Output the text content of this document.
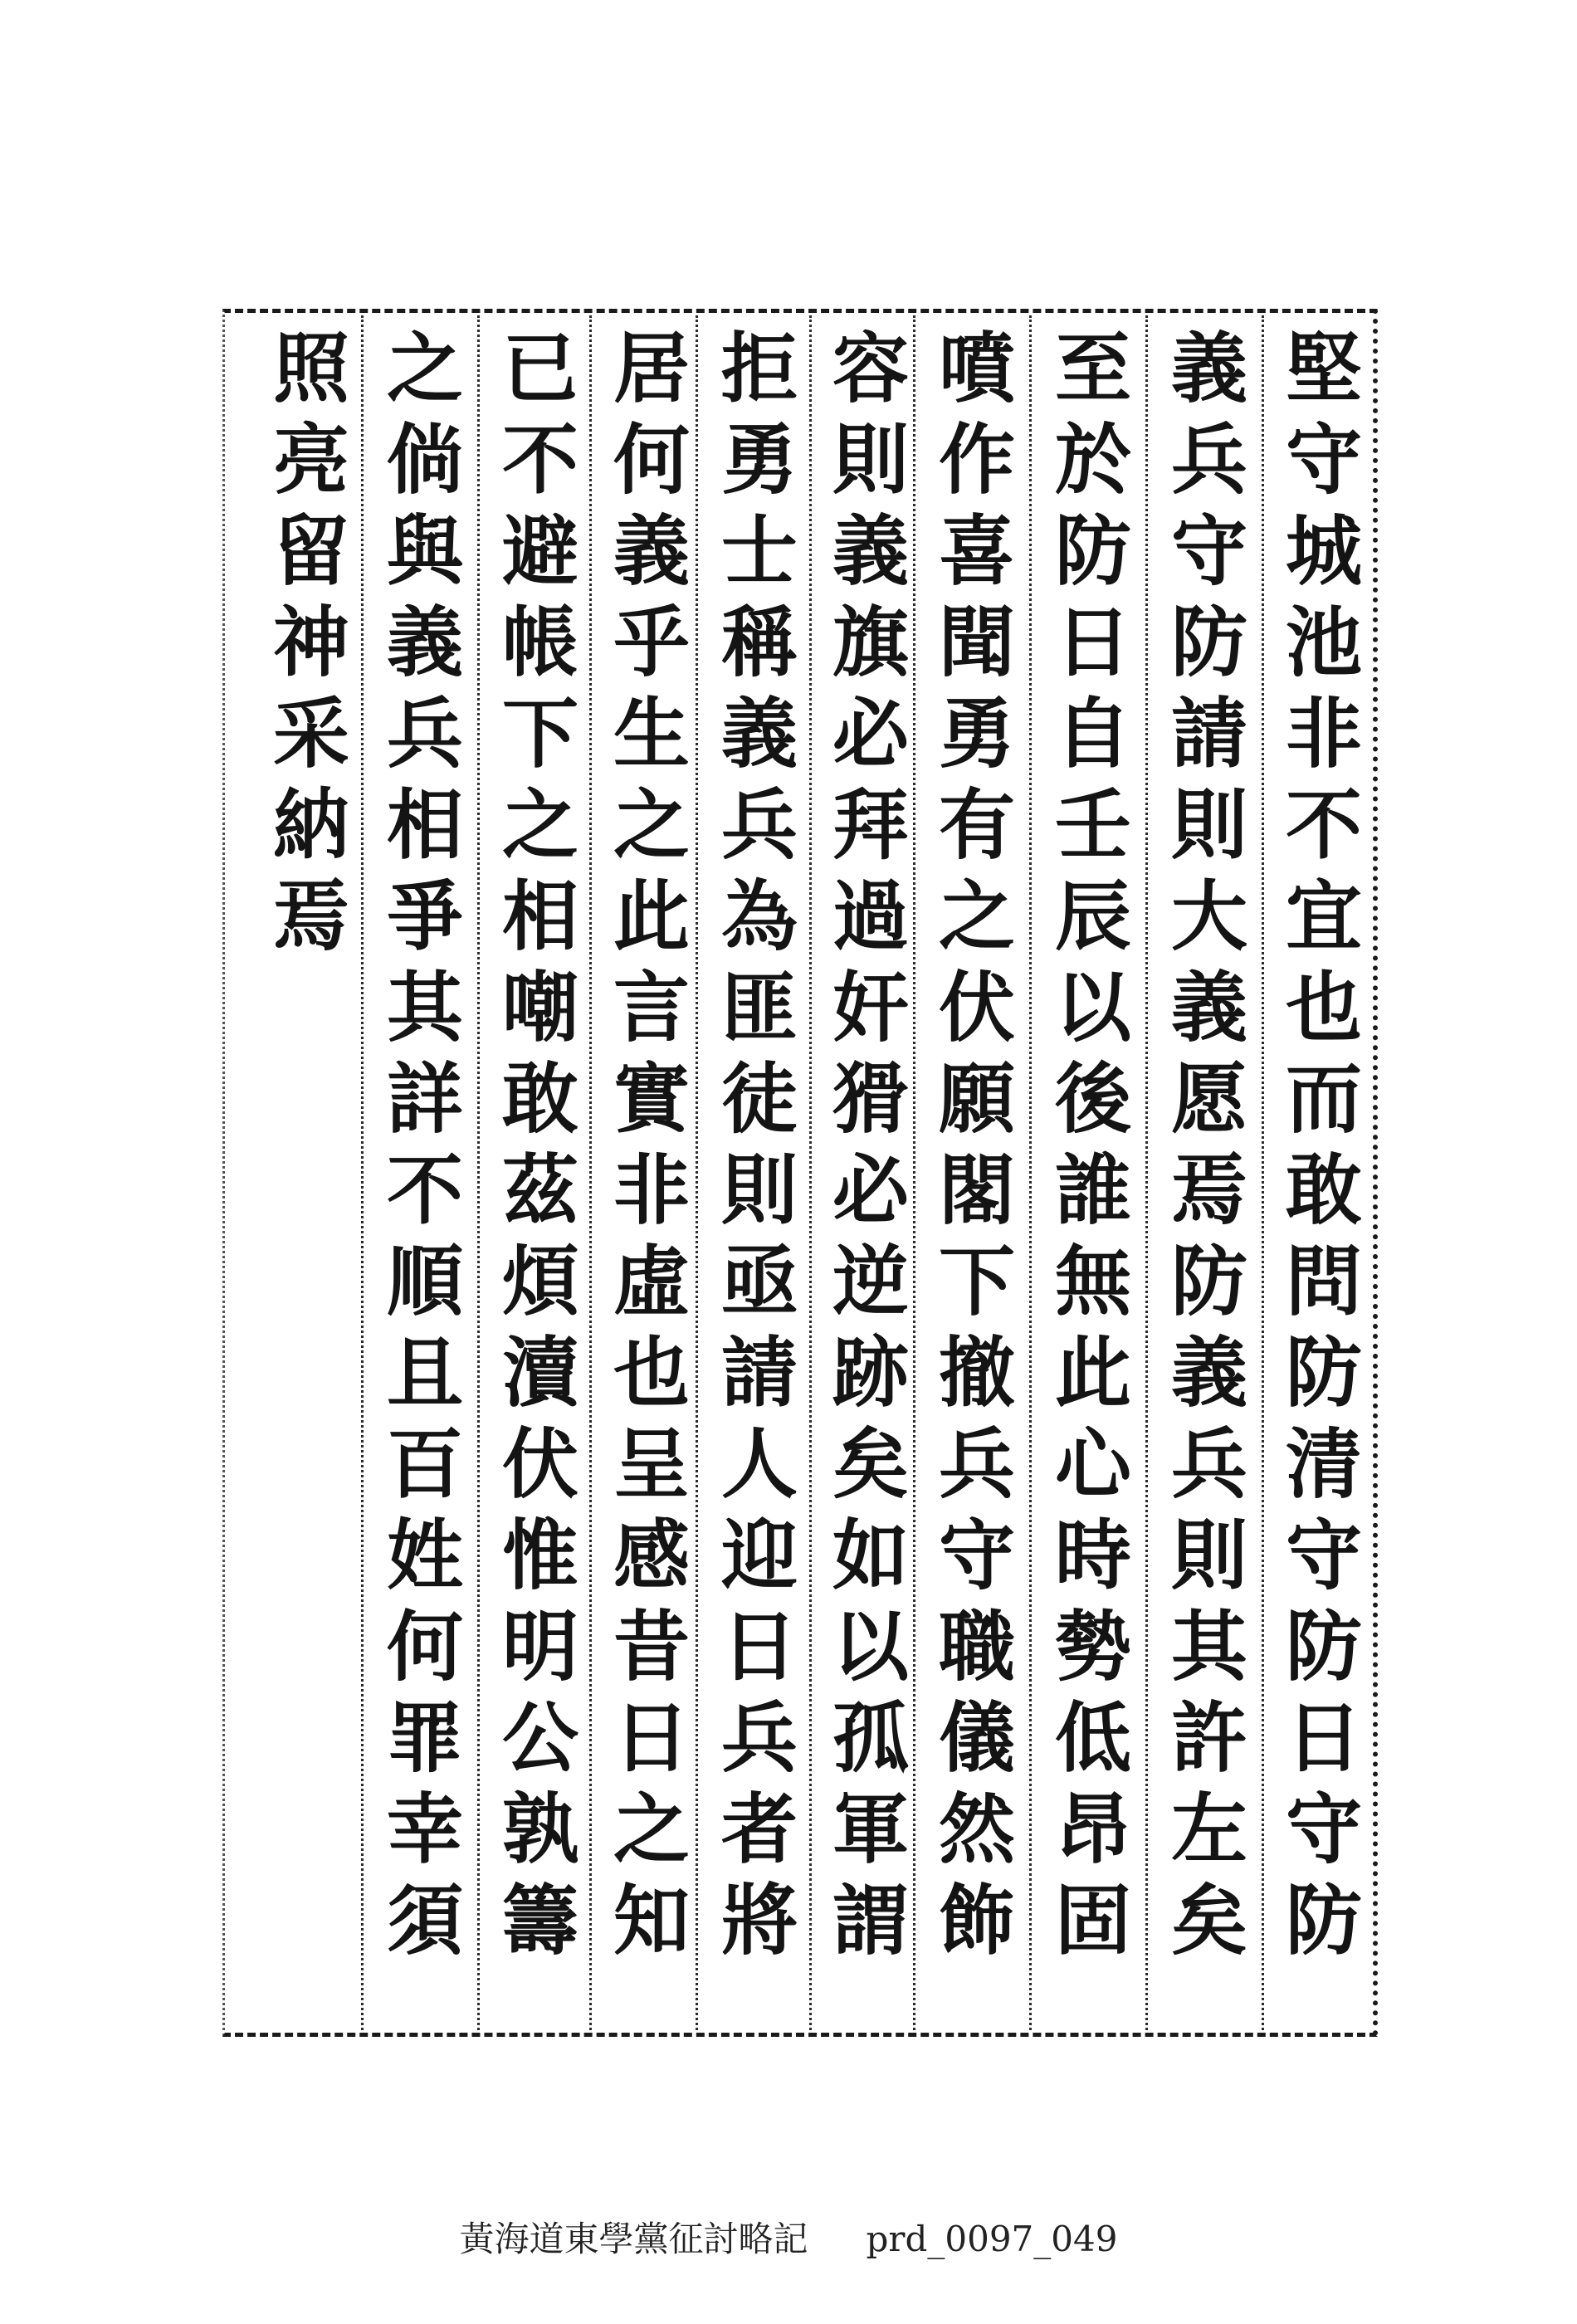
堅守城池非不宜也而敢問防清守防日守防
義兵守防請則大義愿焉防義兵則其許左矣
至於防日自壬辰以後誰無此心時勢低昂固
噴作喜聞勇有之伏願閣下撤兵守職儀然飾
容則義旗必拜過奸猾必逆跡矣如以孤軍謂
拒勇士稱義兵為匪徒則亟請人迎日兵者將
居何義乎生之此言實非虛也呈感昔日之知
已不避帳下之相嘲敢茲煩瀆伏惟明公孰籌
之倘與義兵相爭其詳不順且百姓何罪幸須
照亮留神采納焉
黃海道東學黨征討略記 prd_0097_049
